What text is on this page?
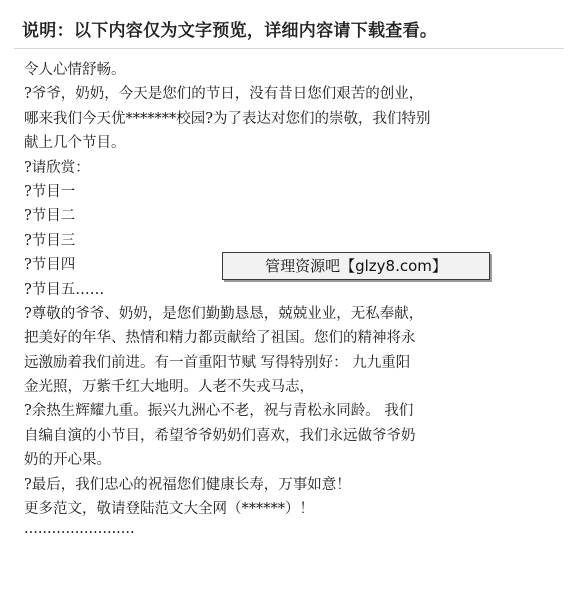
说明：以下内容仅为文字预览，详细内容请下载查看。
令人心情舒畅。
?爷爷，奶奶，今天是您们的节日，没有昔日您们艰苦的创业，
哪来我们今天优*******校园?为了表达对您们的崇敬，我们特别
献上几个节目。
?请欣赏：
?节目一
?节目二
?节目三
?节目四
?节目五……
?尊敬的爷爷、奶奶，是您们勤勤恳恳，兢兢业业，无私奉献，
把美好的年华、热情和精力都贡献给了祖国。您们的精神将永
远激励着我们前进。有一首重阳节赋 写得特别好： 九九重阳
金光照，万紫千红大地明。人老不失戎马志，
?余热生辉耀九重。振兴九洲心不老，祝与青松永同龄。 我们
自编自演的小节目，希望爷爷奶奶们喜欢，我们永远做爷爷奶
奶的开心果。
?最后，我们忠心的祝福您们健康长寿，万事如意！
更多范文，敬请登陆范文大全网（******）！
························
管理资源吧【glzy8.com】
